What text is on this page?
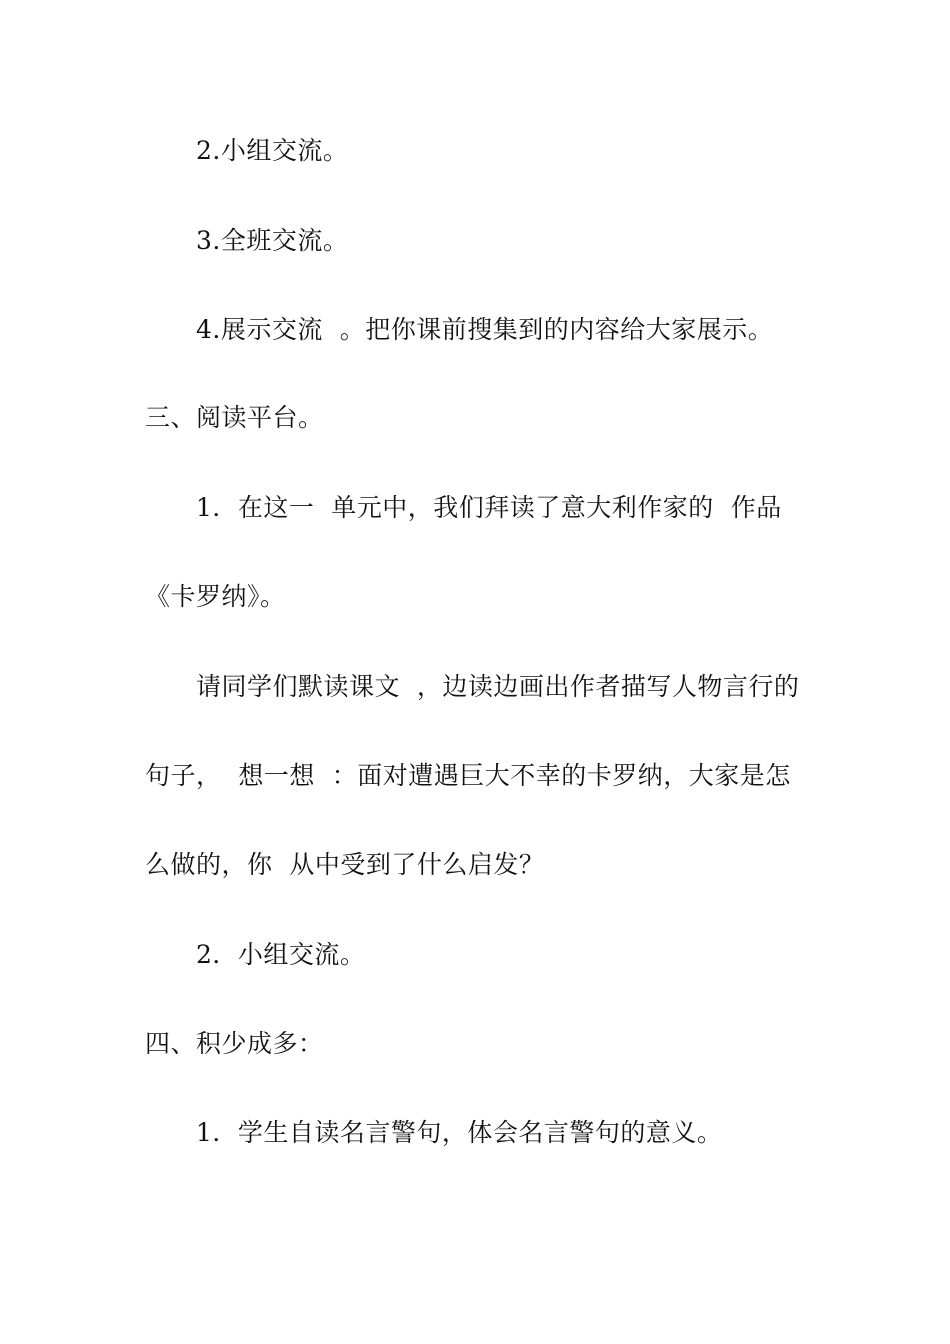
2.小组交流。
3.全班交流。
4.展示交流  。把你课前搜集到的内容给大家展示。
三、阅读平台。
1．在这一  单元中，我们拜读了意大利作家的  作品
《卡罗纳》。
请同学们默读课文  ，边读边画出作者描写人物言行的
句子，  想一想  ：面对遭遇巨大不幸的卡罗纳，大家是怎
么做的，你  从中受到了什么启发？
2．小组交流。
四、积少成多：
1．学生自读名言警句，体会名言警句的意义。
